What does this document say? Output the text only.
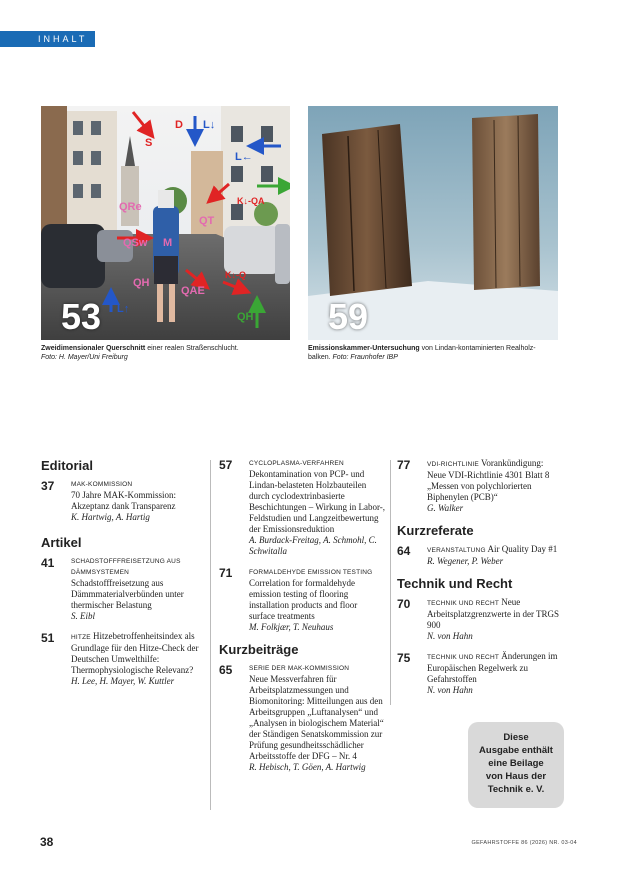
INHALT
S
D L↓
L←
QRe
QT
K↓-QA
QSw M
QH
QAE
K↓-Q
L↑
QH
53
Zweidimensionaler Querschnitt einer realen Straßenschlucht.
Foto: H. Mayer/Uni Freiburg
59
Emissionskammer-Untersuchung von Lindan-kontaminierten Realholz-balken. Foto: Fraunhofer IBP
Editorial
37	MAK-KOMMISSION
70 Jahre MAK-Kommission: Akzeptanz dank Transparenz
K. Hartwig, A. Hartig
Artikel
41	SCHADSTOFFFREISETZUNG AUS DÄMMSYSTEMEN
Schadstofffreisetzung aus Dämmmaterialverbünden unter thermischer Belastung
S. Eibl
51	HITZE Hitzebetroffenheitsindex als Grundlage für den Hitze-Check der Deutschen Umwelthilfe: Thermophysiologische Relevanz?
H. Lee, H. Mayer, W. Kuttler
57	CYCLOPLASMA-VERFAHREN
Dekontamination von PCP- und Lindan-belasteten Holzbauteilen durch cyclodextrinbasierte Beschichtungen – Wirkung in Labor-, Feldstudien und Langzeitbewertung der Emissionsreduktion
A. Burdack-Freitag, A. Schmohl, C. Schwitalla
71	FORMALDEHYDE EMISSION TESTING Correlation for formaldehyde emission testing of flooring installation products and floor surface treatments
M. Folkjær, T. Neuhaus
Kurzbeiträge
65	SERIE DER MAK-KOMMISSION
Neue Messverfahren für Arbeitsplatzmessungen und Biomonitoring: Mitteilungen aus den Arbeitsgruppen „Luftanalysen“ und „Analysen in biologischem Material“ der Ständigen Senatskommission zur Prüfung gesundheitsschädlicher Arbeitsstoffe der DFG – Nr. 4
R. Hebisch, T. Göen, A. Hartwig
77	VDI-RICHTLINIE Vorankündigung: Neue VDI-Richtlinie 4301 Blatt 8 „Messen von polychlorierten Biphenylen (PCB)“
G. Walker
Kurzreferate
64	VERANSTALTUNG Air Quality Day #1
R. Wegener, P. Weber
Technik und Recht
70	TECHNIK UND RECHT Neue Arbeitsplatzgrenzwerte in der TRGS 900
N. von Hahn
75	TECHNIK UND RECHT Änderungen im Europäischen Regelwerk zu Gefahrstoffen
N. von Hahn
Diese
Ausgabe enthält
eine Beilage
von Haus der
Technik e. V.
38	GEFAHRSTOFFE 86 (2026) NR. 03-04
